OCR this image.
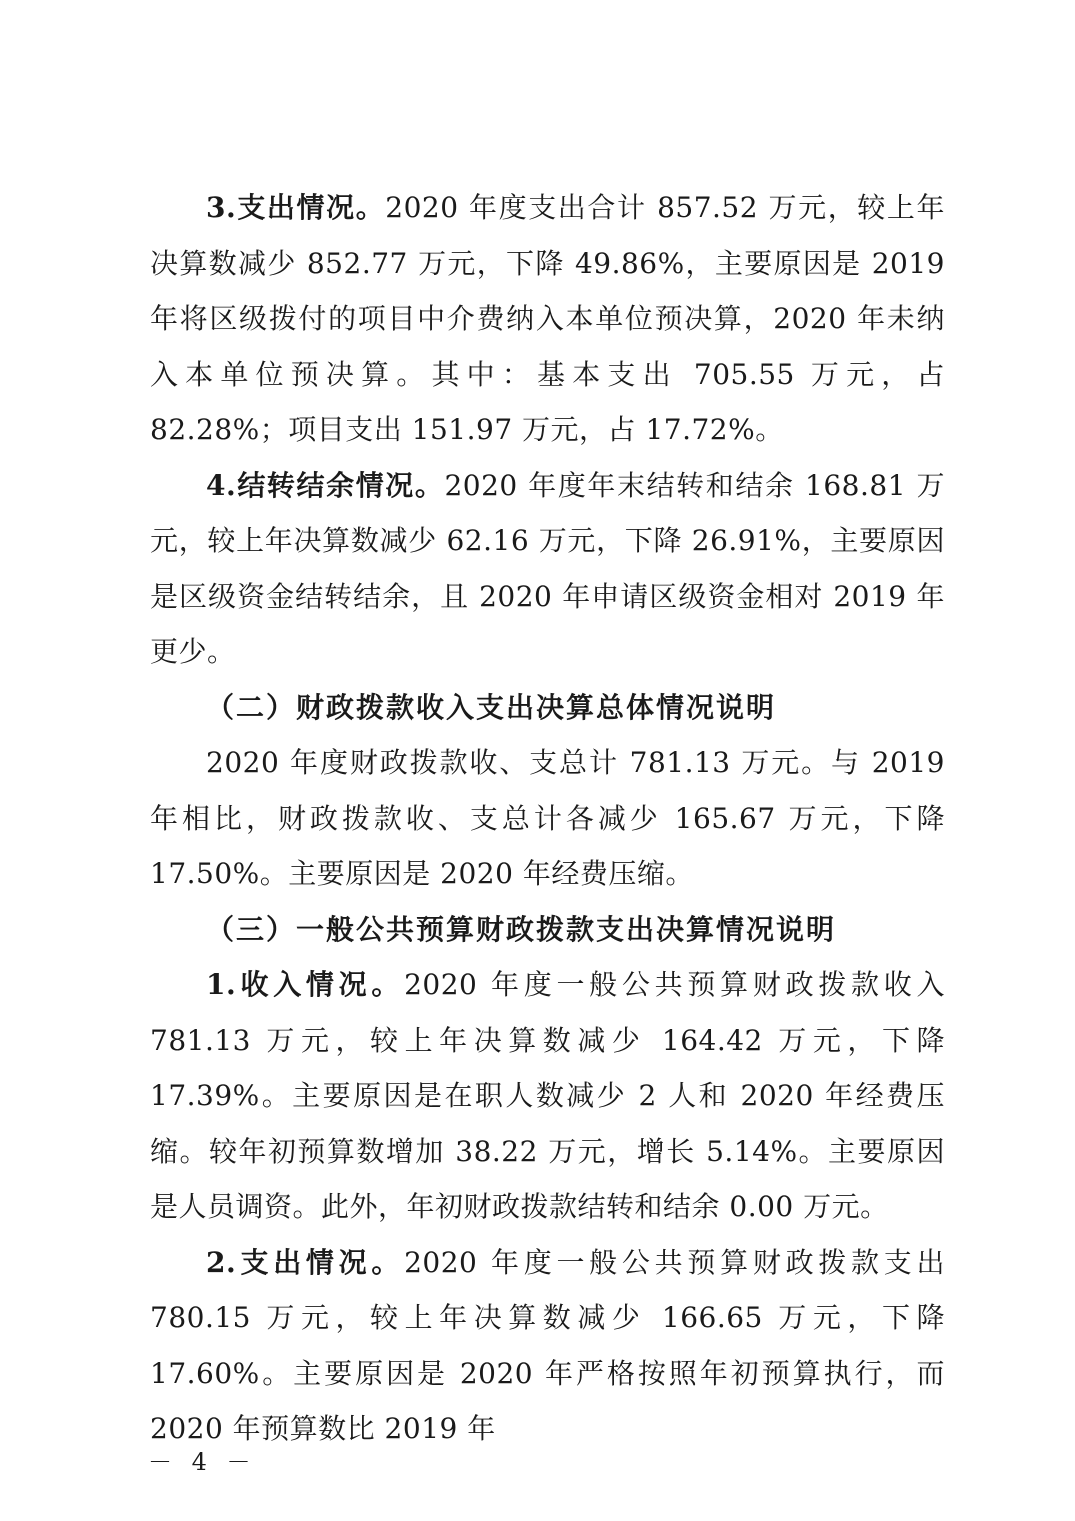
3.支出情况。2020 年度支出合计 857.52 万元，较上年决算数减少 852.77 万元，下降 49.86%，主要原因是 2019 年将区级拨付的项目中介费纳入本单位预决算，2020 年未纳入本单位预决算。其中：基本支出 705.55 万元，占 82.28%；项目支出 151.97 万元，占 17.72%。

4.结转结余情况。2020 年度年末结转和结余 168.81 万元，较上年决算数减少 62.16 万元，下降 26.91%，主要原因是区级资金结转结余，且 2020 年申请区级资金相对 2019 年更少。

（二）财政拨款收入支出决算总体情况说明

2020 年度财政拨款收、支总计 781.13 万元。与 2019 年相比，财政拨款收、支总计各减少 165.67 万元，下降 17.50%。主要原因是 2020 年经费压缩。

（三）一般公共预算财政拨款支出决算情况说明

1.收入情况。2020 年度一般公共预算财政拨款收入 781.13 万元，较上年决算数减少 164.42 万元，下降 17.39%。主要原因是在职人数减少 2 人和 2020 年经费压缩。较年初预算数增加 38.22 万元，增长 5.14%。主要原因是人员调资。此外，年初财政拨款结转和结余 0.00 万元。

2.支出情况。2020 年度一般公共预算财政拨款支出 780.15 万元，较上年决算数减少 166.65 万元，下降 17.60%。主要原因是 2020 年严格按照年初预算执行，而 2020 年预算数比 2019 年

－ 4 －
